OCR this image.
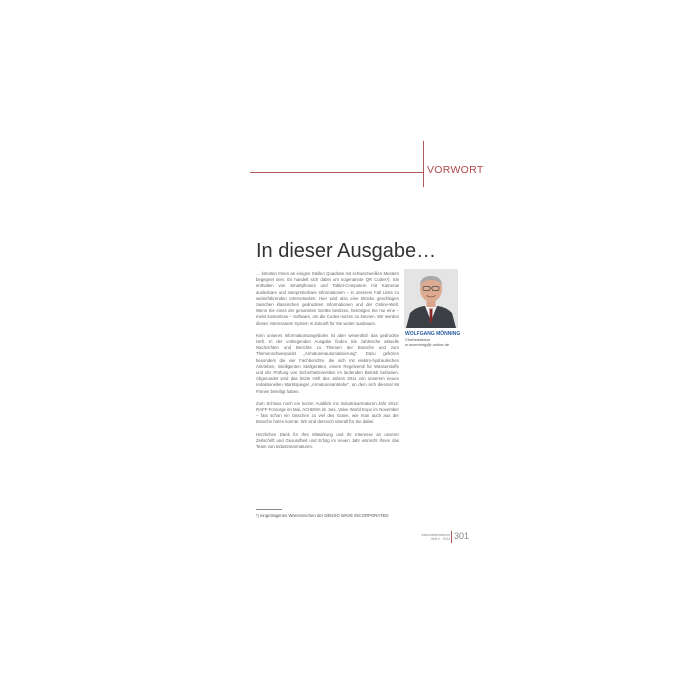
VORWORT
In dieser Ausgabe…

… könnten Ihnen an einigen Stellen Quadrate mit schwarzweißen Mustern begegnet sein. Es handelt sich dabei um sogenannte QR Codes¹). Sie enthalten von Smartphones und Tablet-Computern mit Kameras auslesbare und interpretierbare Informationen – in unserem Fall Links zu weiterführenden Internetseiten. Hier wird also eine Brücke geschlagen zwischen klassischen gedruckten Informationen und der Online-Welt. Wenn Sie eines der genannten Geräte besitzen, benötigen Sie nur eine – meist kostenlose – Software, um die Codes nutzen zu können. Wir werden dieses interessante System in Zukunft für Sie weiter ausbauen.

Kein unseres Informationsangebotes ist aber wesentlich das gedruckte Heft. In der vorliegenden Ausgabe finden Sie zahlreiche aktuelle Nachrichten und Berichte zu Themen der Branche und zum Themenschwerpunkt „Armaturenautomatisierung“. Dazu gehören besonders die vier Fachberichte, die sich mit elektro-hydraulischen Antrieben, intelligenten Stellgeräten, einem Regelventil für Wasserstoffe und der Prüfung von Sicherheitsventilen im laufenden Betrieb befassen. Abgerundet wird das letzte Heft des Jahres 2011 von unserem neuen redaktionellen Marktspiegel „Armaturenantriebe“, an dem sich diesmal 66 Firmen beteiligt haben.

Zum Schluss noch ein kurzer Ausblick ins Industriearmaturen-Jahr 2012: RAFF-Forsorge im Mai, ACHEMA im Juni, Valve World Expo im November – fast schon ein bisschen zu viel des Guten, wie man auch aus der Branche hören konnte. Wir sind dennoch überall für Sie dabei.

Herzlichen Dank für Ihre Mitwirkung und Ihr Interesse an unserer Zeitschrift und Gesundheit und Erfolg im neuen Jahr wünscht Ihnen das Team von Industriearmaturen.

WOLFGANG MÖNNING
Chefredakteur
w.moenning@t-online.de
¹) eingetragenes Warenzeichen der DENSO WAVE INCORPORATED
Industriearmaturen
Heft 4 · 2011 301
